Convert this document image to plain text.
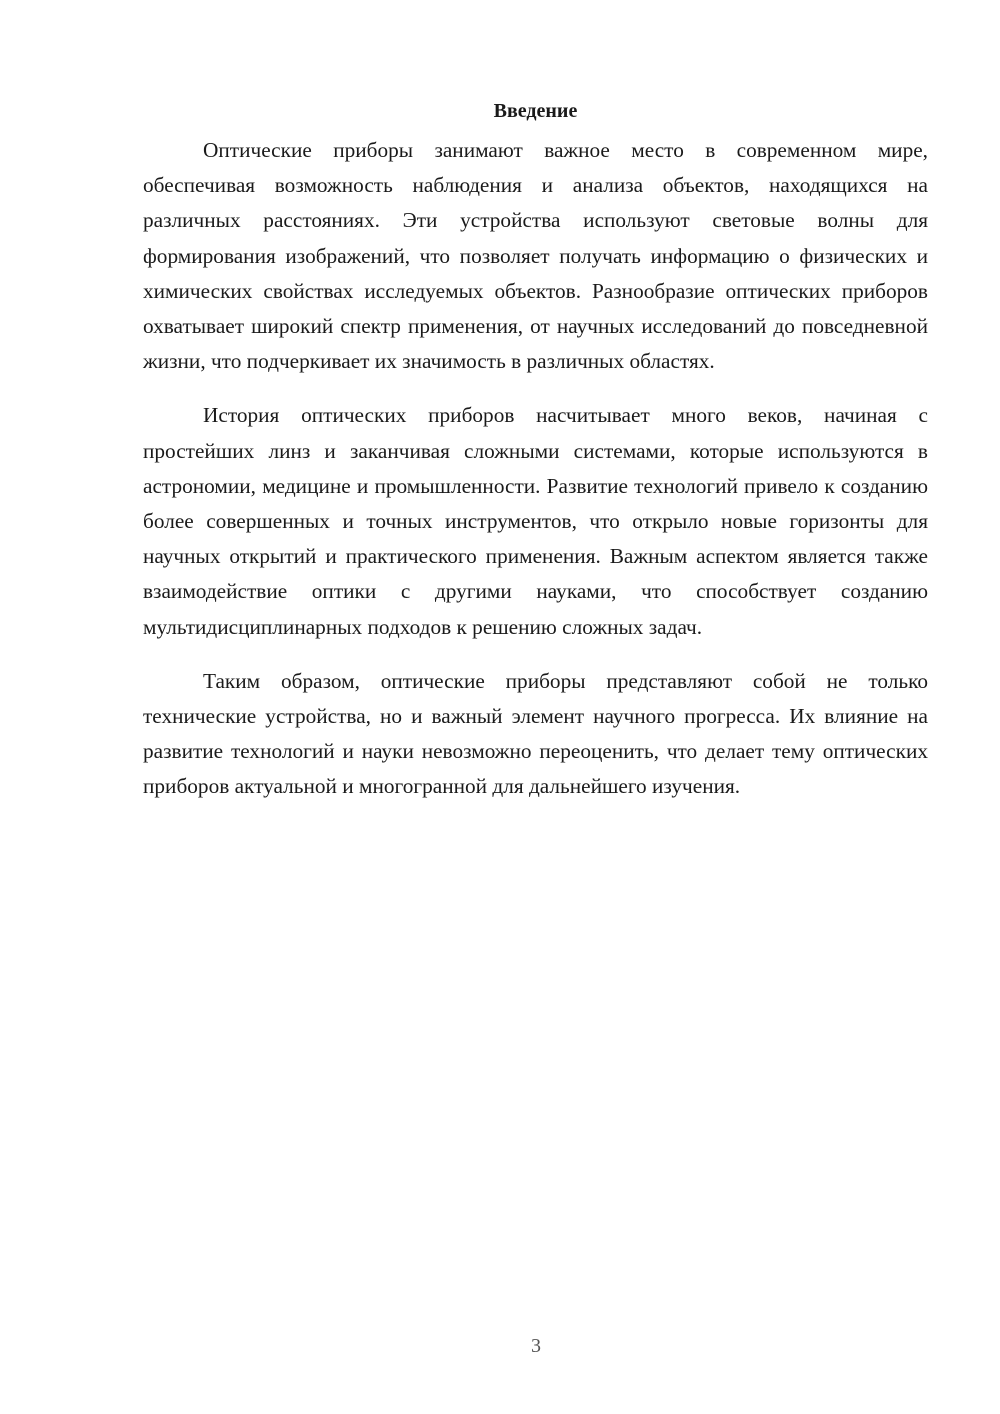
Введение

Оптические приборы занимают важное место в современном мире, обеспечивая возможность наблюдения и анализа объектов, находящихся на различных расстояниях. Эти устройства используют световые волны для формирования изображений, что позволяет получать информацию о физических и химических свойствах исследуемых объектов. Разнообразие оптических приборов охватывает широкий спектр применения, от научных исследований до повседневной жизни, что подчеркивает их значимость в различных областях.

История оптических приборов насчитывает много веков, начиная с простейших линз и заканчивая сложными системами, которые используются в астрономии, медицине и промышленности. Развитие технологий привело к созданию более совершенных и точных инструментов, что открыло новые горизонты для научных открытий и практического применения. Важным аспектом является также взаимодействие оптики с другими науками, что способствует созданию мультидисциплинарных подходов к решению сложных задач.

Таким образом, оптические приборы представляют собой не только технические устройства, но и важный элемент научного прогресса. Их влияние на развитие технологий и науки невозможно переоценить, что делает тему оптических приборов актуальной и многогранной для дальнейшего изучения.

3
